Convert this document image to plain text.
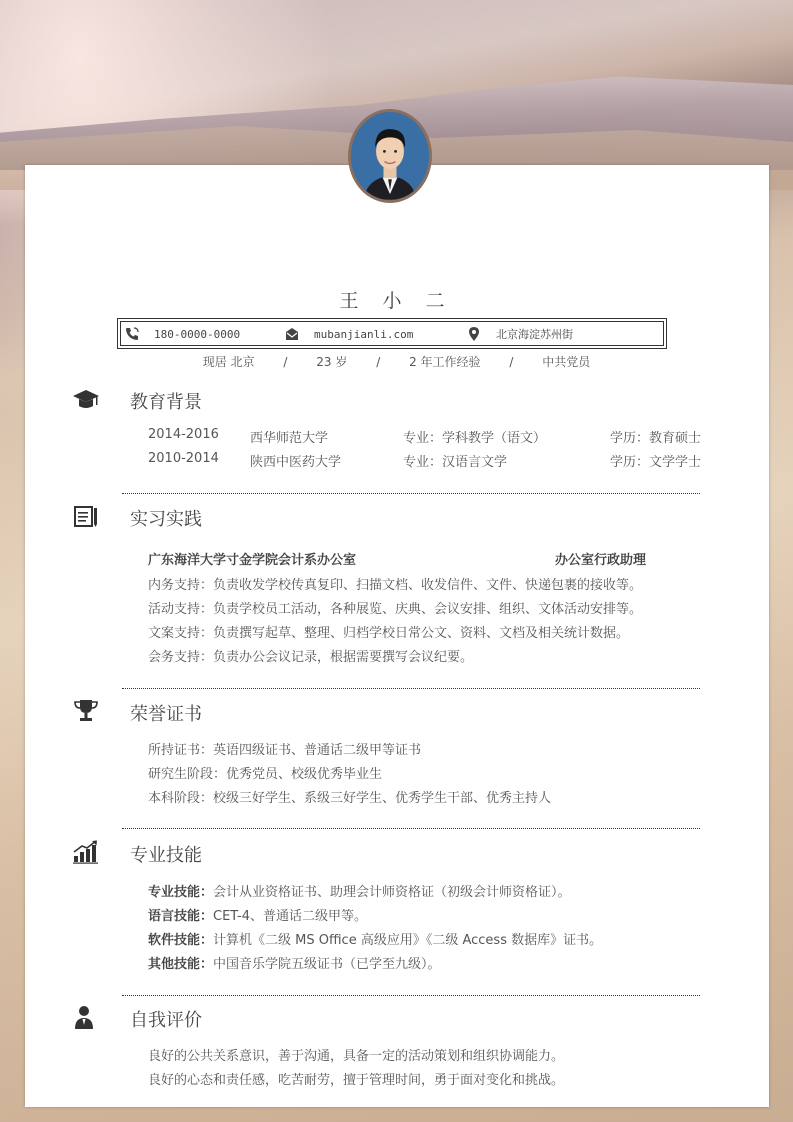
王 小 二
180-0000-0000	mubanjianli.com	北京海淀苏州街
现居 北京 / 23 岁 / 2 年工作经验 / 中共党员
教育背景
2014-2016 西华师范大学	专业：学科教学（语文）	学历：教育硕士
2010-2014 陕西中医药大学	专业：汉语言文学	学历：文学学士
实习实践
广东海洋大学寸金学院会计系办公室	办公室行政助理
内务支持：负责收发学校传真复印、扫描文档、收发信件、文件、快递包裹的接收等。
活动支持：负责学校员工活动，各种展览、庆典、会议安排、组织、文体活动安排等。
文案支持：负责撰写起草、整理、归档学校日常公文、资料、文档及相关统计数据。
会务支持：负责办公会议记录，根据需要撰写会议纪要。
荣誉证书
所持证书：英语四级证书、普通话二级甲等证书
研究生阶段：优秀党员、校级优秀毕业生
本科阶段：校级三好学生、系级三好学生、优秀学生干部、优秀主持人
专业技能
专业技能：会计从业资格证书、助理会计师资格证（初级会计师资格证）。
语言技能：CET-4、普通话二级甲等。
软件技能：计算机《二级 MS Office 高级应用》《二级 Access 数据库》证书。
其他技能：中国音乐学院五级证书（已学至九级）。
自我评价
良好的公共关系意识，善于沟通，具备一定的活动策划和组织协调能力。
良好的心态和责任感，吃苦耐劳，擅于管理时间，勇于面对变化和挑战。
